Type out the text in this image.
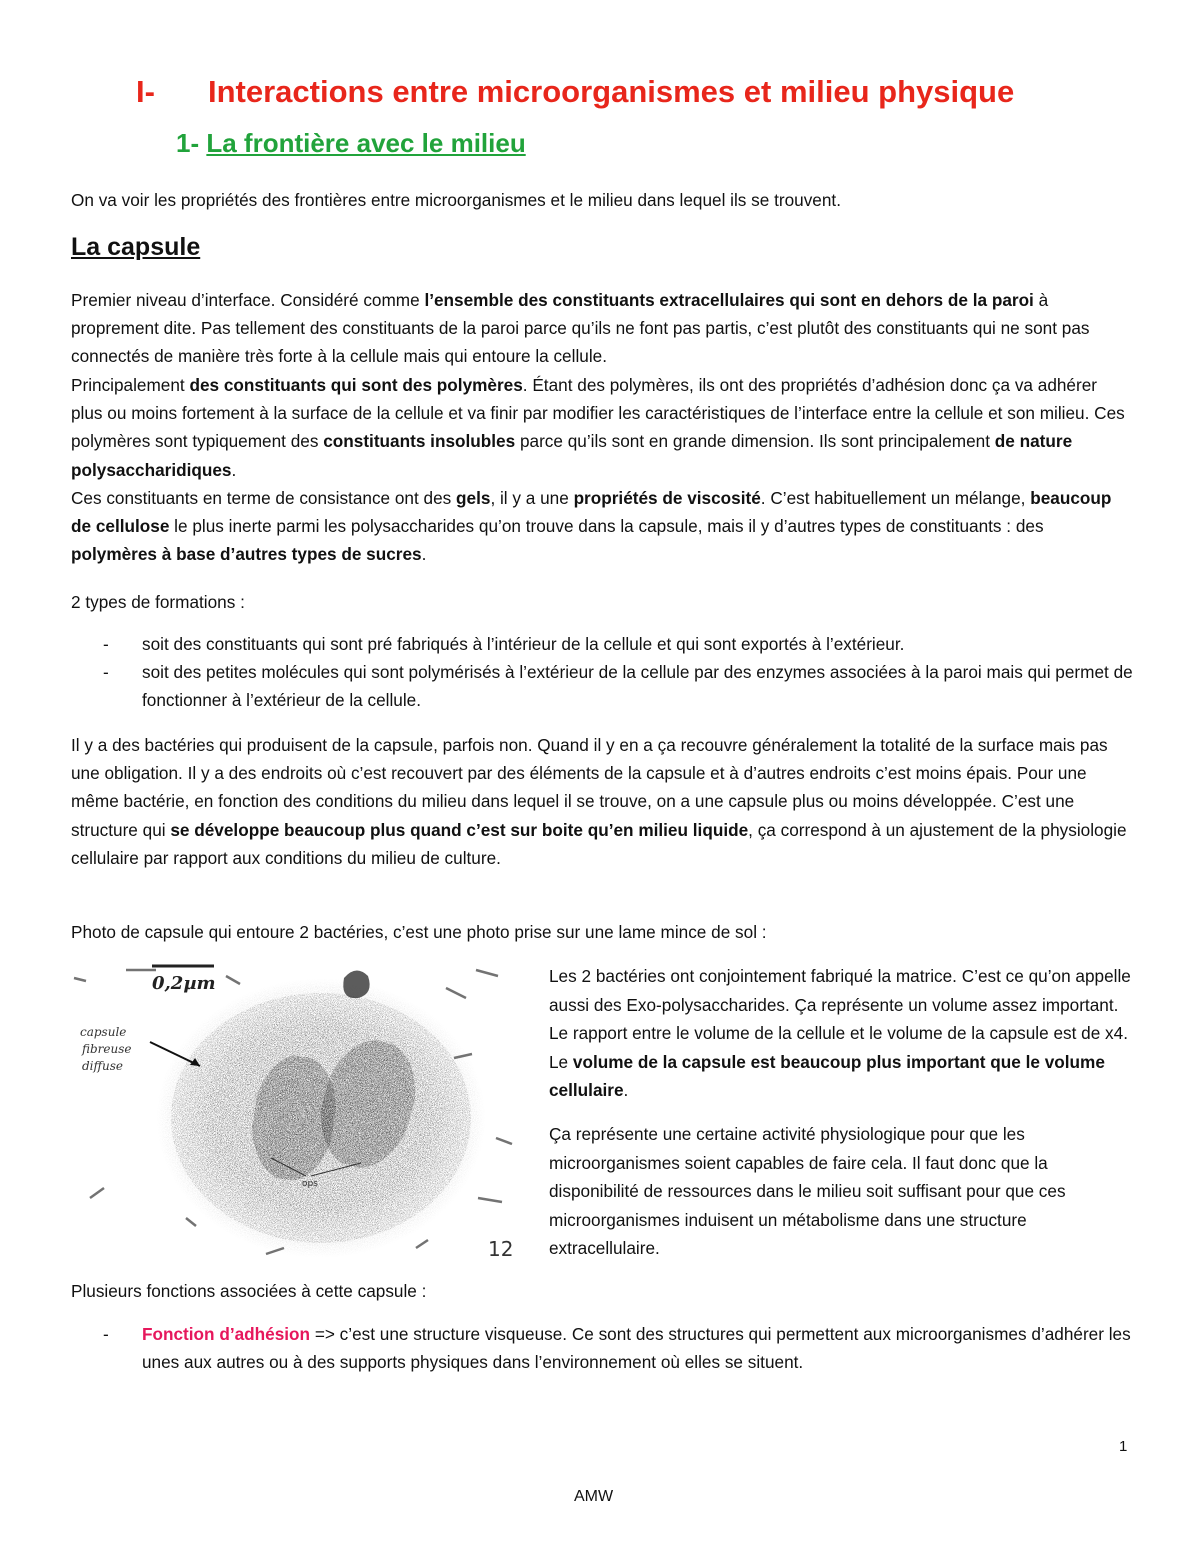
I- Interactions entre microorganismes et milieu physique
1- La frontière avec le milieu
On va voir les propriétés des frontières entre microorganismes et le milieu dans lequel ils se trouvent.
La capsule
Premier niveau d’interface. Considéré comme l’ensemble des constituants extracellulaires qui sont en dehors de la paroi à proprement dite. Pas tellement des constituants de la paroi parce qu’ils ne font pas partis, c’est plutôt des constituants qui ne sont pas connectés de manière très forte à la cellule mais qui entoure la cellule.
Principalement des constituants qui sont des polymères. Étant des polymères, ils ont des propriétés d’adhésion donc ça va adhérer plus ou moins fortement à la surface de la cellule et va finir par modifier les caractéristiques de l’interface entre la cellule et son milieu. Ces polymères sont typiquement des constituants insolubles parce qu’ils sont en grande dimension. Ils sont principalement de nature polysaccharidiques.
Ces constituants en terme de consistance ont des gels, il y a une propriétés de viscosité. C’est habituellement un mélange, beaucoup de cellulose le plus inerte parmi les polysaccharides qu’on trouve dans la capsule, mais il y d’autres types de constituants : des polymères à base d’autres types de sucres.
2 types de formations :
- soit des constituants qui sont pré fabriqués à l’intérieur de la cellule et qui sont exportés à l’extérieur.
- soit des petites molécules qui sont polymérisés à l’extérieur de la cellule par des enzymes associées à la paroi mais qui permet de fonctionner à l’extérieur de la cellule.
Il y a des bactéries qui produisent de la capsule, parfois non. Quand il y en a ça recouvre généralement la totalité de la surface mais pas une obligation. Il y a des endroits où c’est recouvert par des éléments de la capsule et à d’autres endroits c’est moins épais. Pour une même bactérie, en fonction des conditions du milieu dans lequel il se trouve, on a une capsule plus ou moins développée. C’est une structure qui se développe beaucoup plus quand c’est sur boite qu’en milieu liquide, ça correspond à un ajustement de la physiologie cellulaire par rapport aux conditions du milieu de culture.
Photo de capsule qui entoure 2 bactéries, c’est une photo prise sur une lame mince de sol :
0,2µm
capsule
fibreuse
diffuse
ops
12
Les 2 bactéries ont conjointement fabriqué la matrice. C’est ce qu’on appelle aussi des Exo-polysaccharides. Ça représente un volume assez important. Le rapport entre le volume de la cellule et le volume de la capsule est de x4. Le volume de la capsule est beaucoup plus important que le volume cellulaire.
Ça représente une certaine activité physiologique pour que les microorganismes soient capables de faire cela. Il faut donc que la disponibilité de ressources dans le milieu soit suffisant pour que ces microorganismes induisent un métabolisme dans une structure extracellulaire.
Plusieurs fonctions associées à cette capsule :
- Fonction d’adhésion => c’est une structure visqueuse. Ce sont des structures qui permettent aux microorganismes d’adhérer les unes aux autres ou à des supports physiques dans l’environnement où elles se situent.
1
AMW
